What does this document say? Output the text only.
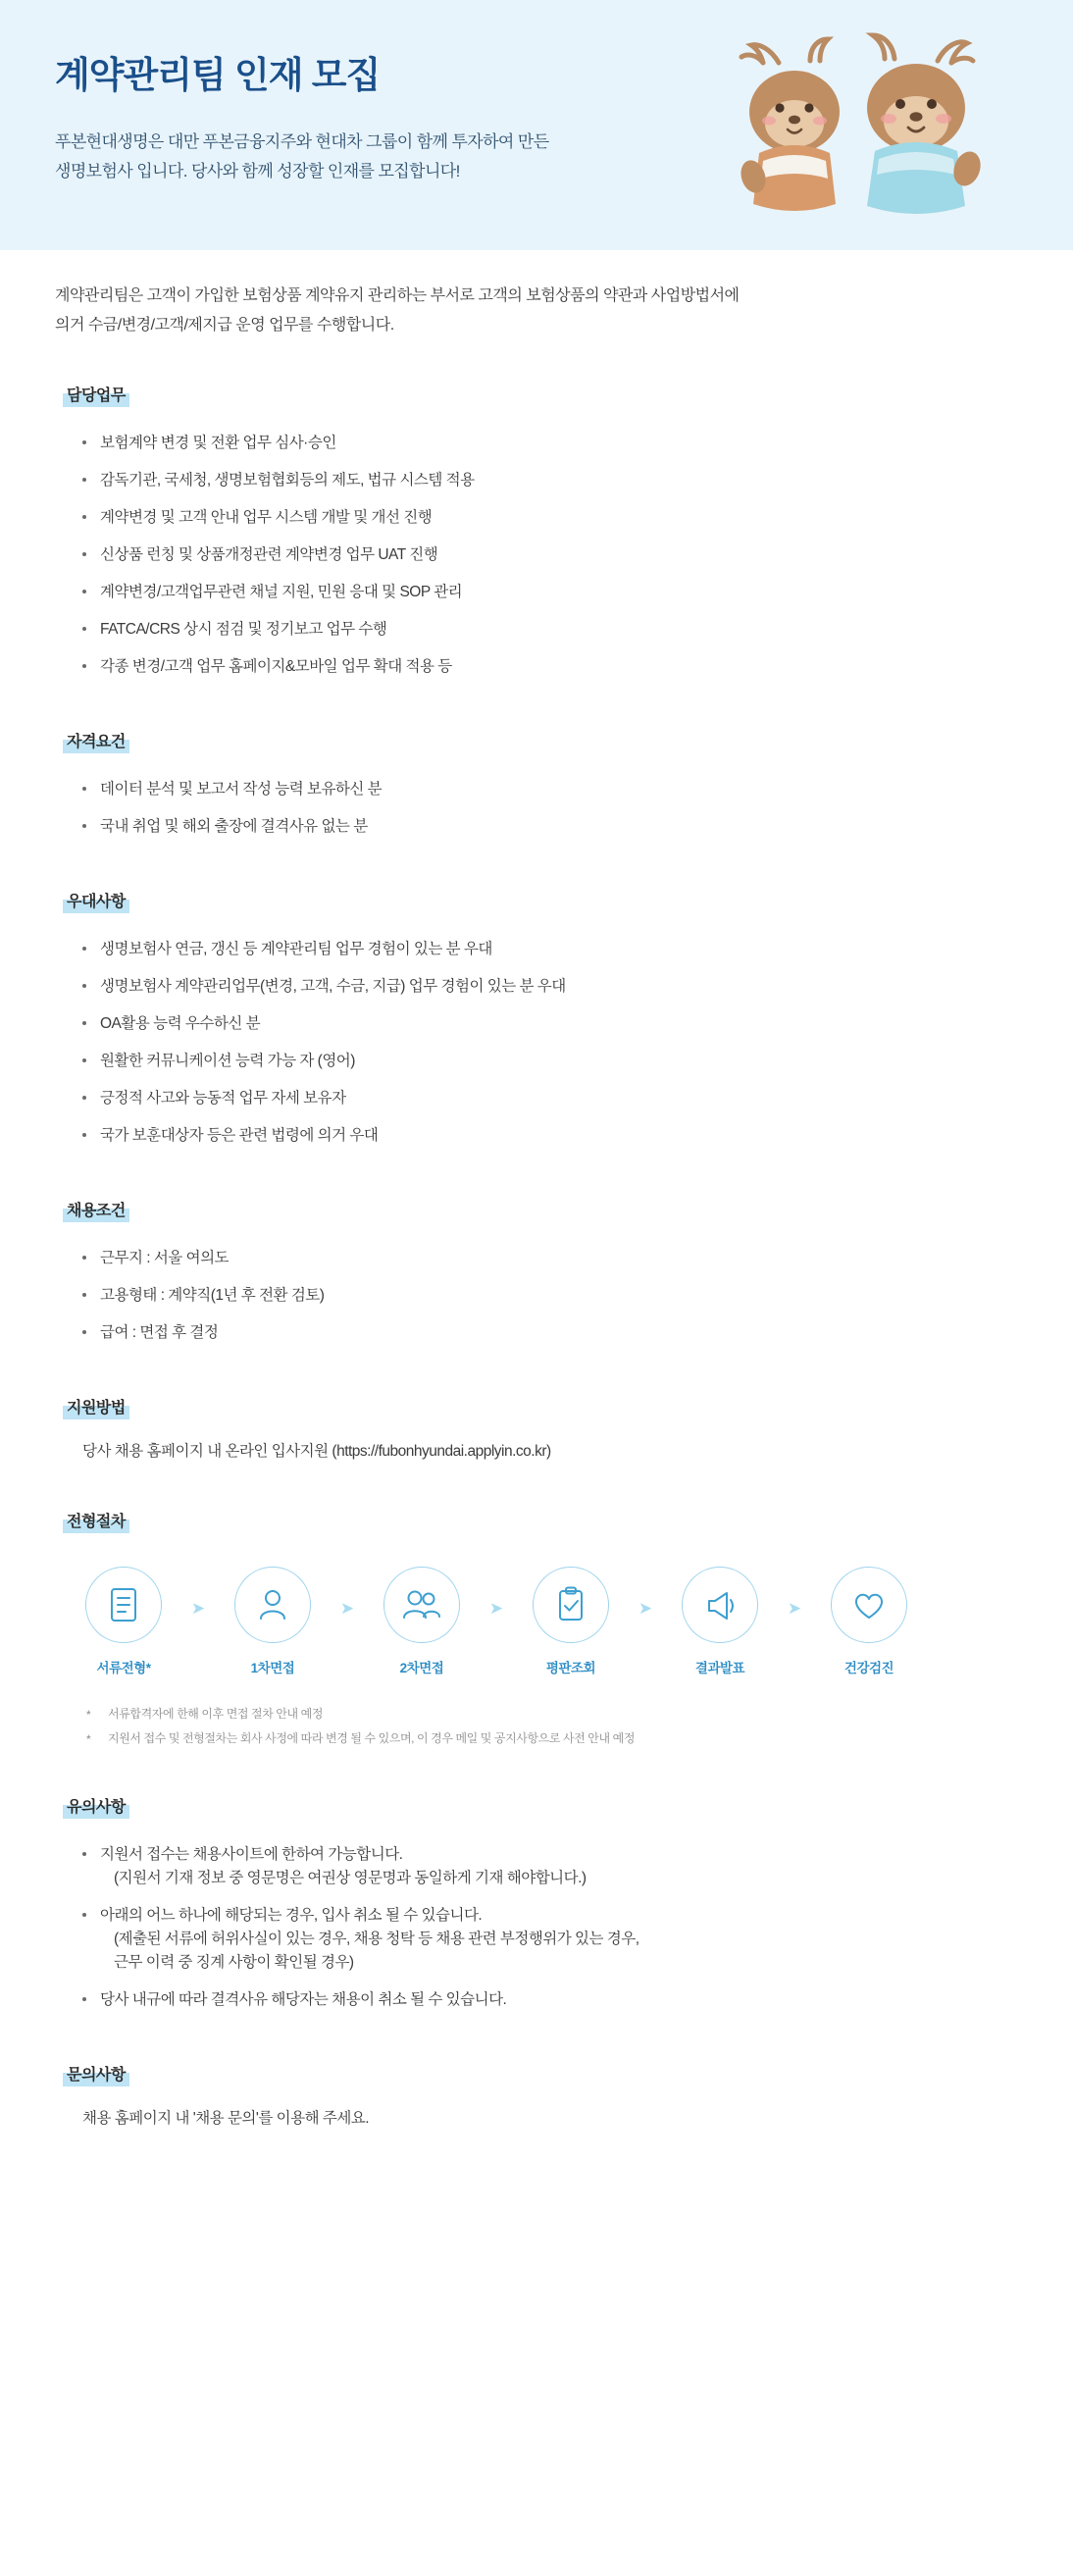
계약관리팀 인재 모집
푸본현대생명은 대만 푸본금융지주와 현대차 그룹이 함께 투자하여 만든
생명보험사 입니다. 당사와 함께 성장할 인재를 모집합니다!
계약관리팀은 고객이 가입한 보험상품 계약유지 관리하는 부서로 고객의 보험상품의 약관과 사업방법서에
의거 수금/변경/고객/제지급 운영 업무를 수행합니다.
담당업무
보험계약 변경 및 전환 업무 심사·승인
감독기관, 국세청, 생명보험협회등의 제도, 법규 시스템 적용
계약변경 및 고객 안내 업무 시스템 개발 및 개선 진행
신상품 런칭 및 상품개정관련 계약변경 업무 UAT 진행
계약변경/고객업무관련 채널 지원, 민원 응대 및 SOP 관리
FATCA/CRS 상시 점검 및 정기보고 업무 수행
각종 변경/고객 업무 홈페이지&모바일 업무 확대 적용 등
자격요건
데이터 분석 및 보고서 작성 능력 보유하신 분
국내 취업 및 해외 출장에 결격사유 없는 분
우대사항
생명보험사 연금, 갱신 등 계약관리팀 업무 경험이 있는 분 우대
생명보험사 계약관리업무(변경, 고객, 수금, 지급) 업무 경험이 있는 분 우대
OA활용 능력 우수하신 분
원활한 커뮤니케이션 능력 가능 자 (영어)
긍정적 사고와 능동적 업무 자세 보유자
국가 보훈대상자 등은 관련 법령에 의거 우대
채용조건
근무지 : 서울 여의도
고용형태 : 계약직(1년 후 전환 검토)
급여 : 면접 후 결정
지원방법
당사 채용 홈페이지 내 온라인 입사지원 (https://fubonhyundai.applyin.co.kr)
전형절차
서류전형*
➤
1차면접
➤
2차면접
➤
평판조회
➤
결과발표
➤
건강검진
* 서류합격자에 한해 이후 면접 절차 안내 예정
* 지원서 접수 및 전형절차는 회사 사정에 따라 변경 될 수 있으며, 이 경우 메일 및 공지사항으로 사전 안내 예정
유의사항
지원서 접수는 채용사이트에 한하여 가능합니다.
(지원서 기재 정보 중 영문명은 여권상 영문명과 동일하게 기재 해야합니다.)
아래의 어느 하나에 해당되는 경우, 입사 취소 될 수 있습니다.
(제출된 서류에 허위사실이 있는 경우, 채용 청탁 등 채용 관련 부정행위가 있는 경우,
근무 이력 중 징계 사항이 확인될 경우)
당사 내규에 따라 결격사유 해당자는 채용이 취소 될 수 있습니다.
문의사항
채용 홈페이지 내 '채용 문의'를 이용해 주세요.
